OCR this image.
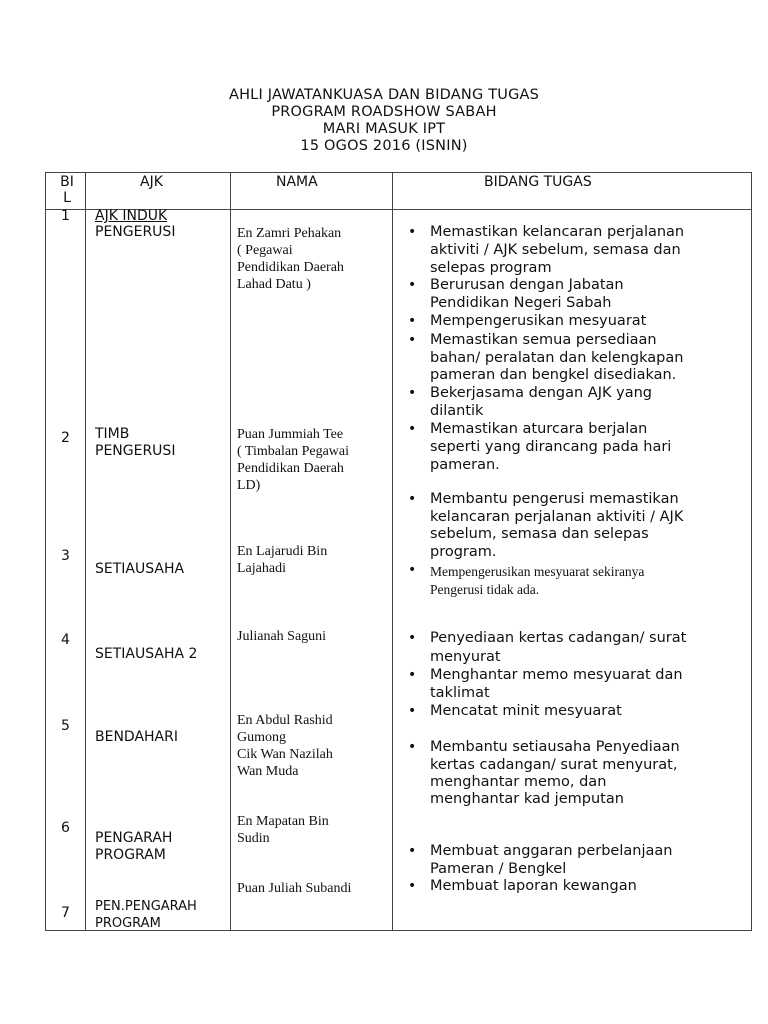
AHLI JAWATANKUASA DAN BIDANG TUGAS
PROGRAM ROADSHOW SABAH
MARI MASUK IPT
15 OGOS 2016 (ISNIN)
BI
L
AJK	NAMA	BIDANG TUGAS
1
2
3
4
5
6
7
AJK INDUK
PENGERUSI
TIMB
PENGERUSI
SETIAUSAHA
SETIAUSAHA 2
BENDAHARI
PENGARAH
PROGRAM
PEN.PENGARAH
PROGRAM
En Zamri Pehakan
( Pegawai
Pendidikan Daerah
Lahad Datu )
Puan Jummiah Tee
( Timbalan Pegawai
Pendidikan Daerah
LD)
En Lajarudi Bin
Lajahadi
Julianah Saguni
En Abdul Rashid
Gumong
Cik Wan Nazilah
Wan Muda
En Mapatan Bin
Sudin
Puan Juliah Subandi
•
•
•
•
•
•
•
•
•
•
•
•
•
•
Memastikan kelancaran perjalanan
aktiviti / AJK sebelum, semasa dan
selepas program
Berurusan dengan Jabatan
Pendidikan Negeri Sabah
Mempengerusikan mesyuarat
Memastikan semua persediaan
bahan/ peralatan dan kelengkapan
pameran dan bengkel disediakan.
Bekerjasama dengan AJK yang
dilantik
Memastikan aturcara berjalan
seperti yang dirancang pada hari
pameran.
Membantu pengerusi memastikan
kelancaran perjalanan aktiviti / AJK
sebelum, semasa dan selepas
program.
Mempengerusikan mesyuarat sekiranya
Pengerusi tidak ada.
Penyediaan kertas cadangan/ surat
menyurat
Menghantar memo mesyuarat dan
taklimat
Mencatat minit mesyuarat
Membantu setiausaha Penyediaan
kertas cadangan/ surat menyurat,
menghantar memo, dan
menghantar kad jemputan
Membuat anggaran perbelanjaan
Pameran / Bengkel
Membuat laporan kewangan
